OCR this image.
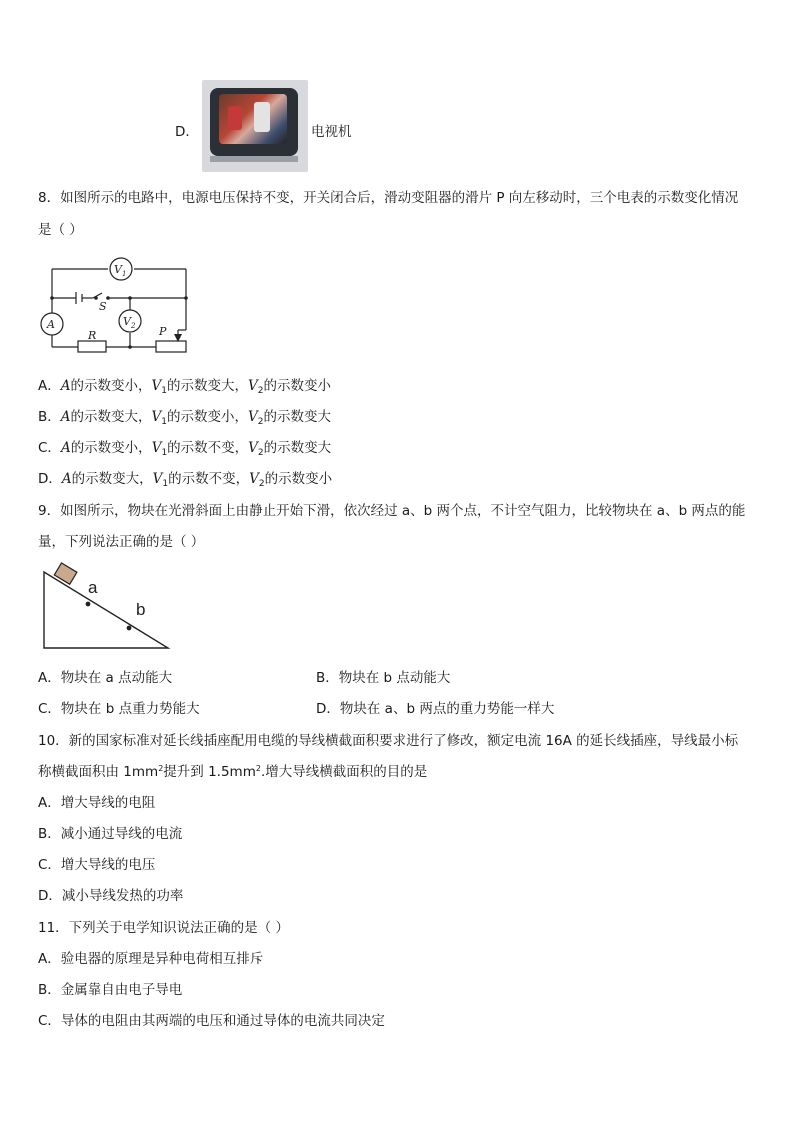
D．	电视机
8．如图所示的电路中，电源电压保持不变，开关闭合后，滑动变阻器的滑片 P 向左移动时，三个电表的示数变化情况
是（ ）
$V_1$
A	$V_2$
S
R	P
A．A的示数变小，$V_1$的示数变大，$V_2$的示数变小
B．A的示数变大，$V_1$的示数变小，$V_2$的示数变大
C．A的示数变小，$V_1$的示数不变，$V_2$的示数变大
D．A的示数变大，$V_1$的示数不变，$V_2$的示数变小
9．如图所示，物块在光滑斜面上由静止开始下滑，依次经过 a、b 两个点，不计空气阻力，比较物块在 a、b 两点的能
量，下列说法正确的是（ ）
a
b
A．物块在 a 点动能大	B．物块在 b 点动能大
C．物块在 b 点重力势能大	D．物块在 a、b 两点的重力势能一样大
10．新的国家标准对延长线插座配用电缆的导线横截面积要求进行了修改，额定电流 16A 的延长线插座，导线最小标
称横截面积由 $1mm^2$提升到 $1.5mm^2$.增大导线横截面积的目的是
A．增大导线的电阻
B．减小通过导线的电流
C．增大导线的电压
D．减小导线发热的功率
11．下列关于电学知识说法正确的是（ ）
A．验电器的原理是异种电荷相互排斥
B．金属靠自由电子导电
C．导体的电阻由其两端的电压和通过导体的电流共同决定
